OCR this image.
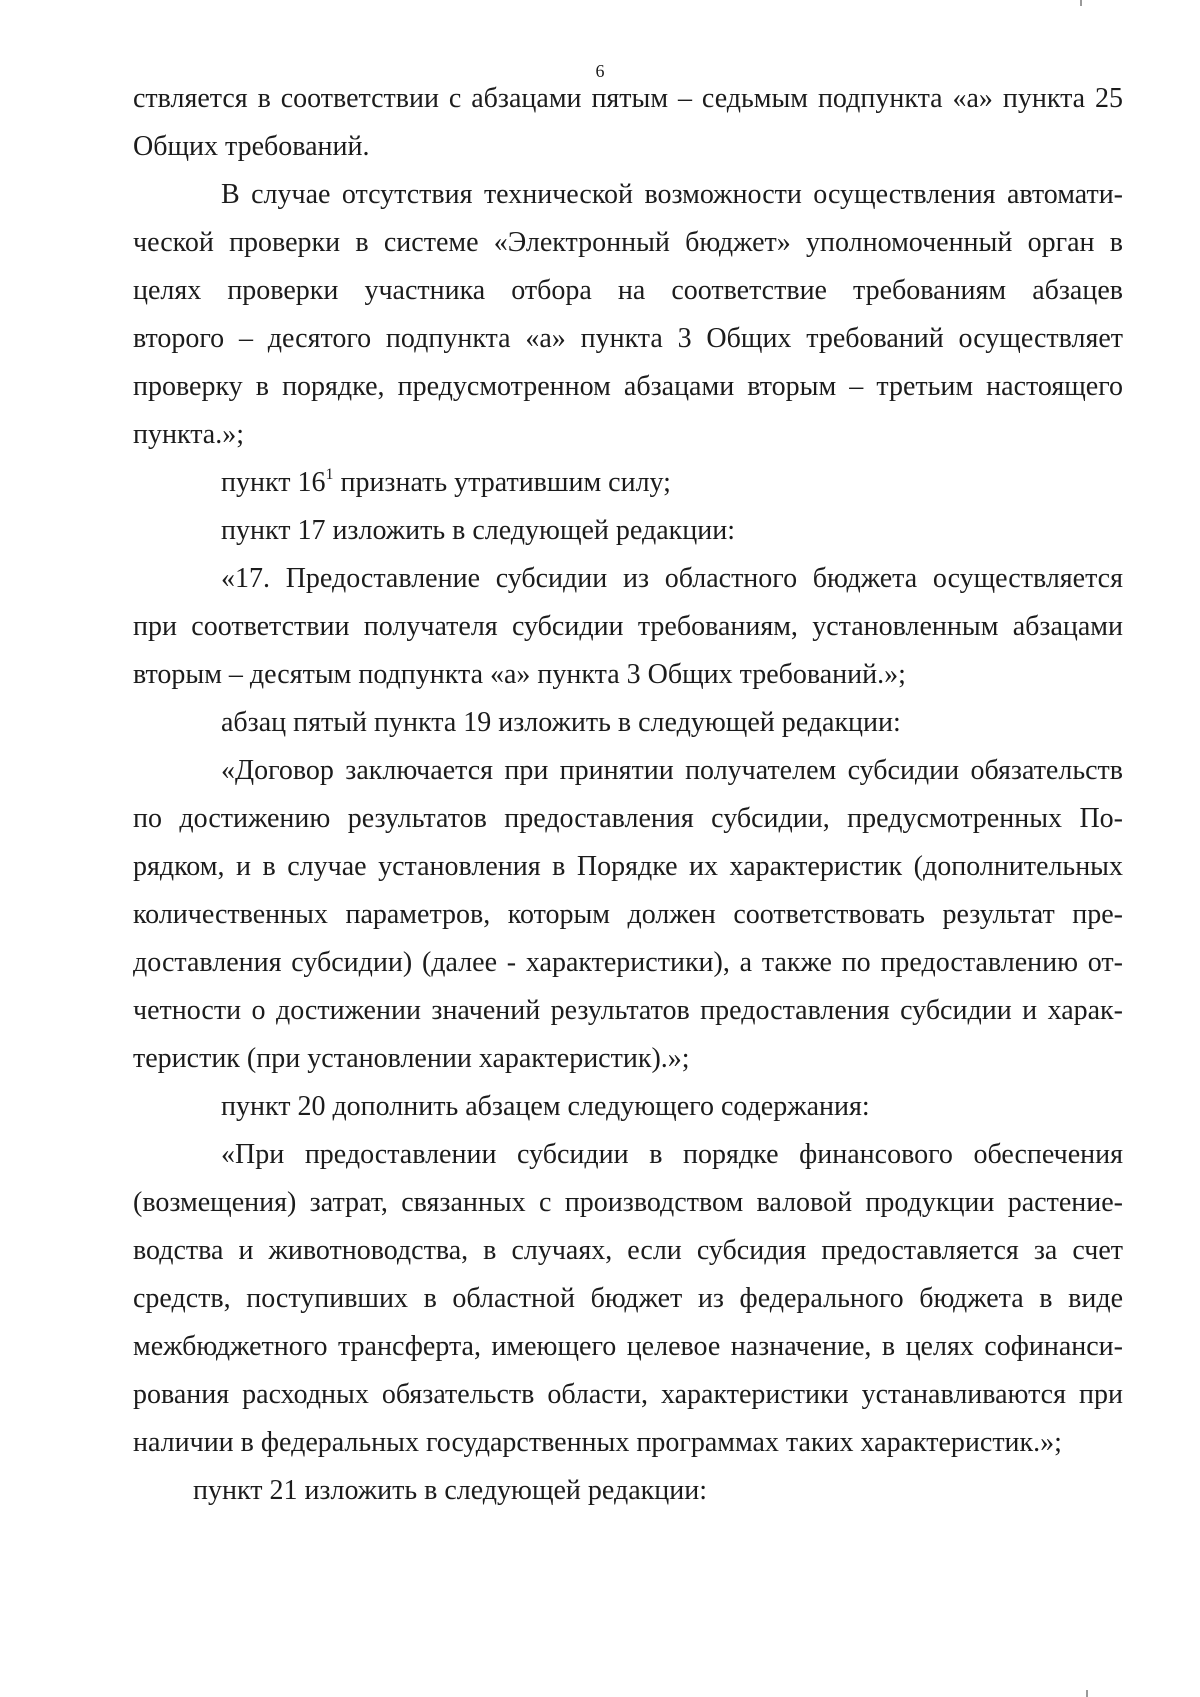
6
ствляется в соответствии с абзацами пятым – седьмым подпункта «а» пункта 25
Общих требований.
В случае отсутствия технической возможности осуществления автомати-
ческой проверки в системе «Электронный бюджет» уполномоченный орган в
целях проверки участника отбора на соответствие требованиям абзацев
второго – десятого подпункта «а» пункта 3 Общих требований осуществляет
проверку в порядке, предусмотренном абзацами вторым – третьим настоящего
пункта.»;
пункт $16^1$ признать утратившим силу;
пункт 17 изложить в следующей редакции:
«17. Предоставление субсидии из областного бюджета осуществляется
при соответствии получателя субсидии требованиям, установленным абзацами
вторым – десятым подпункта «а» пункта 3 Общих требований.»;
абзац пятый пункта 19 изложить в следующей редакции:
«Договор заключается при принятии получателем субсидии обязательств
по достижению результатов предоставления субсидии, предусмотренных По-
рядком, и в случае установления в Порядке их характеристик (дополнительных
количественных параметров, которым должен соответствовать результат пре-
доставления субсидии) (далее - характеристики), а также по предоставлению от-
четности о достижении значений результатов предоставления субсидии и харак-
теристик (при установлении характеристик).»;
пункт 20 дополнить абзацем следующего содержания:
«При предоставлении субсидии в порядке финансового обеспечения
(возмещения) затрат, связанных с производством валовой продукции растение-
водства и животноводства, в случаях, если субсидия предоставляется за счет
средств, поступивших в областной бюджет из федерального бюджета в виде
межбюджетного трансферта, имеющего целевое назначение, в целях софинанси-
рования расходных обязательств области, характеристики устанавливаются при
наличии в федеральных государственных программах таких характеристик.»;
пункт 21 изложить в следующей редакции:
